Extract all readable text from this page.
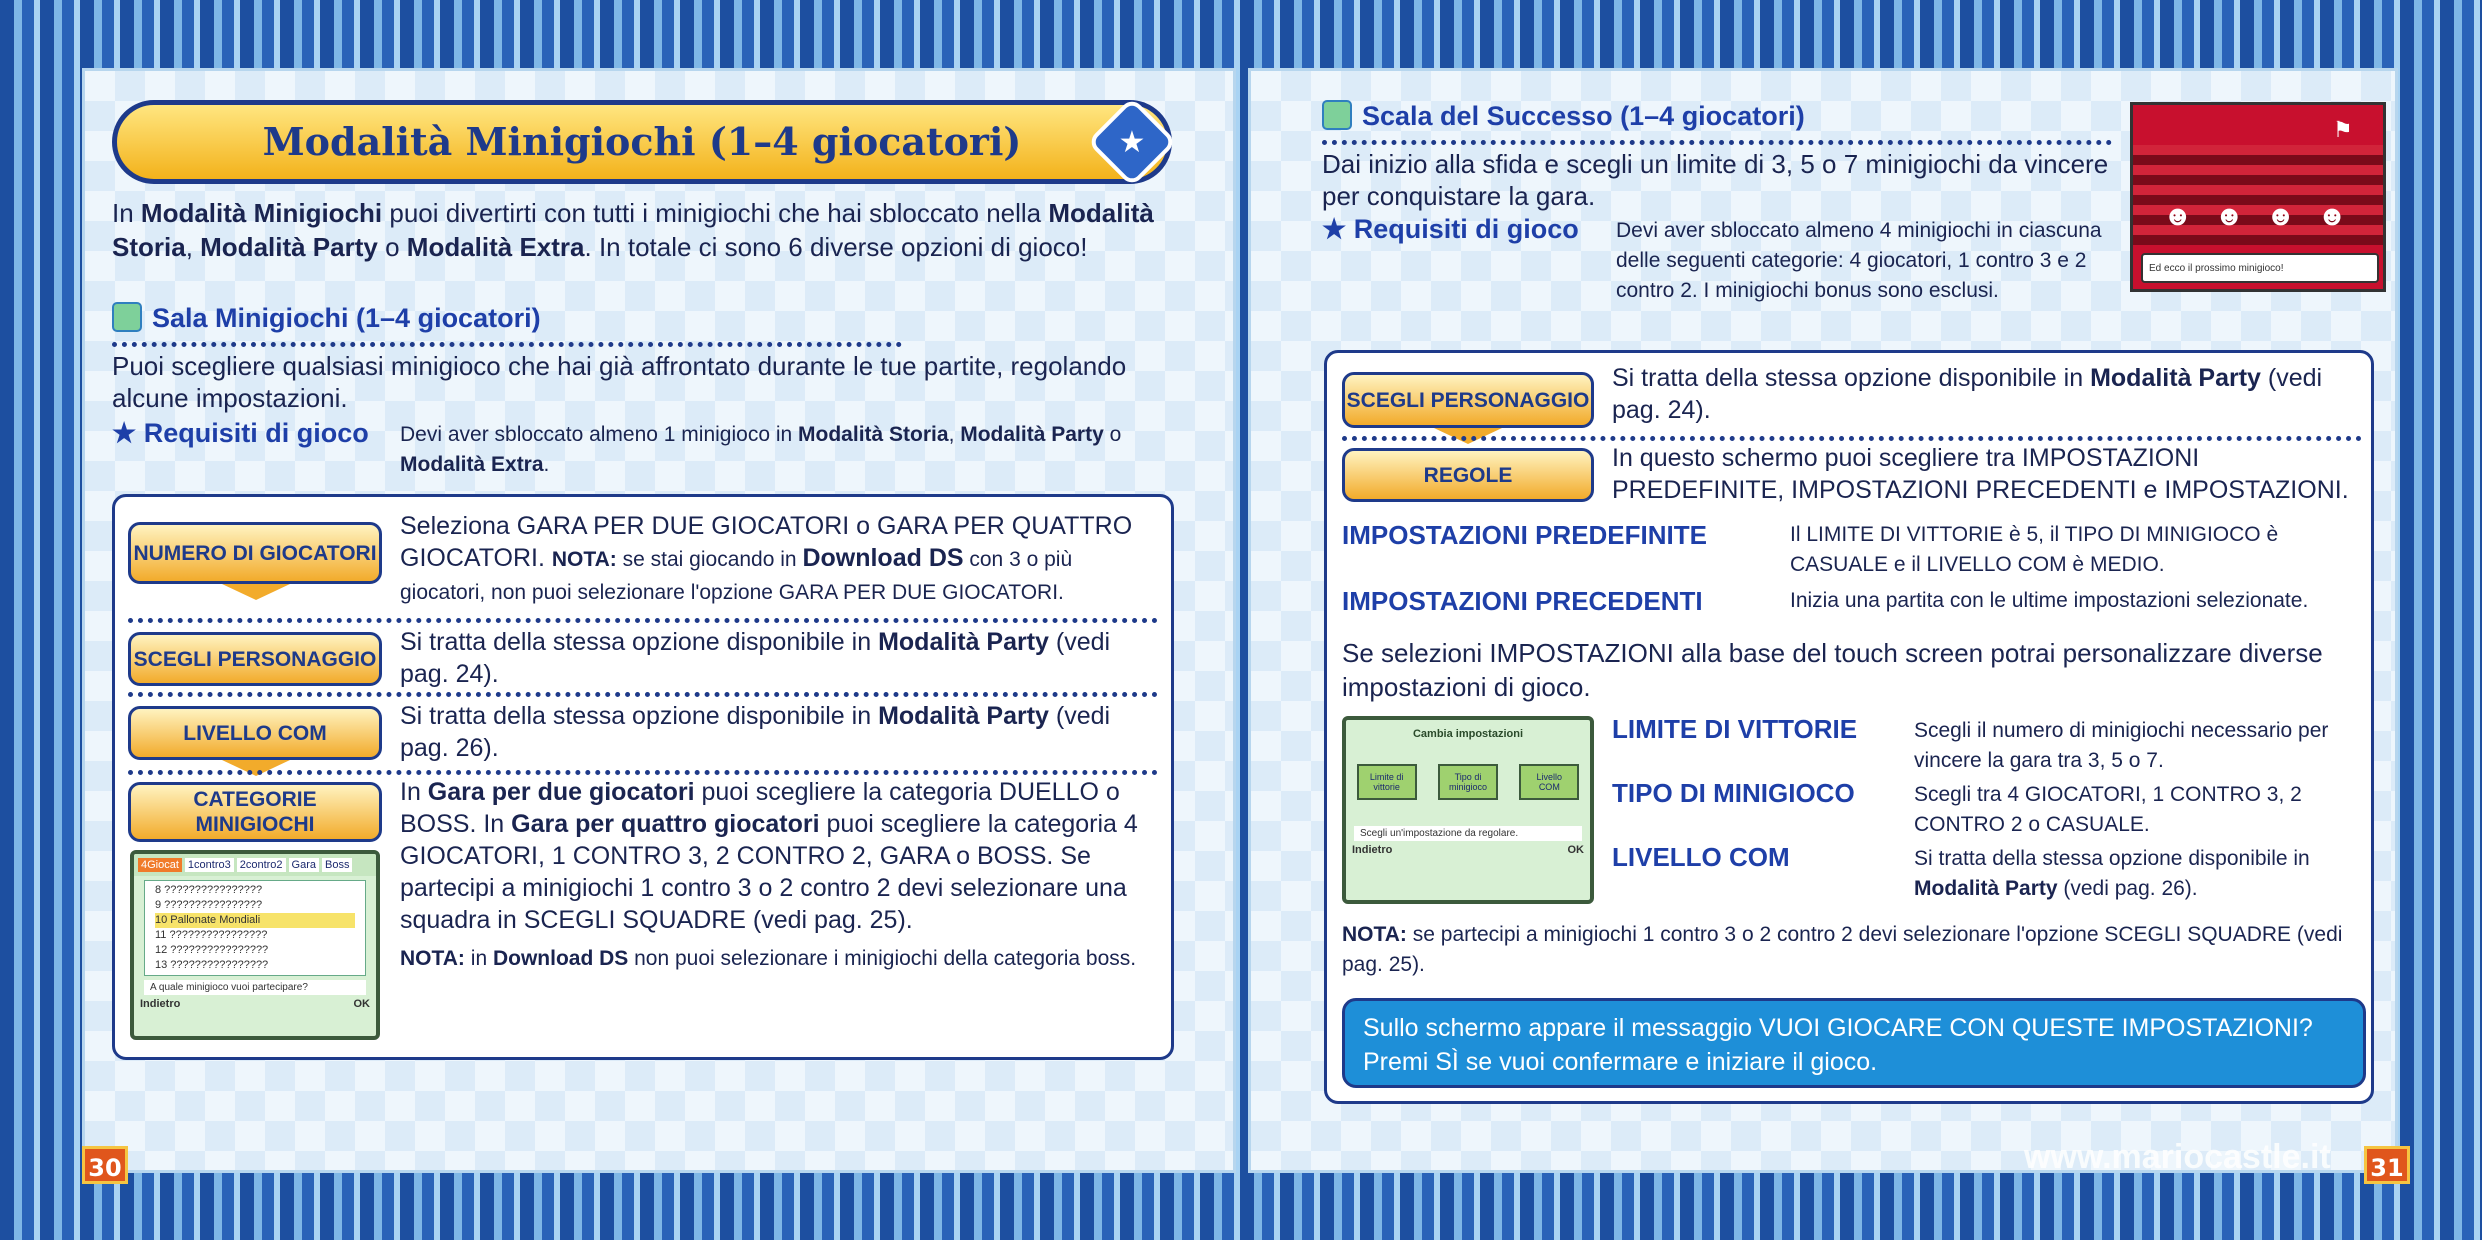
30
Modalità Minigiochi (1–4 giocatori)	★
In Modalità Minigiochi puoi divertirti con tutti i minigiochi che hai sbloccato nella Modalità Storia, Modalità Party o Modalità Extra. In totale ci sono 6 diverse opzioni di gioco!
Sala Minigiochi (1–4 giocatori)
Puoi scegliere qualsiasi minigioco che hai già affrontato durante le tue partite, regolando alcune impostazioni.
★ Requisiti di gioco Devi aver sbloccato almeno 1 minigioco in Modalità Storia, Modalità Party o Modalità Extra.
NUMERO DI GIOCATORI
Seleziona GARA PER DUE GIOCATORI o GARA PER QUATTRO GIOCATORI. NOTA: se stai giocando in Download DS con 3 o più giocatori, non puoi selezionare l'opzione GARA PER DUE GIOCATORI.
SCEGLI PERSONAGGIO
Si tratta della stessa opzione disponibile in Modalità Party (vedi pag. 24).
LIVELLO COM
Si tratta della stessa opzione disponibile in Modalità Party (vedi pag. 26).
CATEGORIE MINIGIOCHI
In Gara per due giocatori puoi scegliere la categoria DUELLO o BOSS. In Gara per quattro giocatori puoi scegliere la categoria 4 GIOCATORI, 1 CONTRO 3, 2 CONTRO 2, GARA o BOSS. Se partecipi a minigiochi 1 contro 3 o 2 contro 2 devi selezionare una squadra in SCEGLI SQUADRE (vedi pag. 25).
NOTA: in Download DS non puoi selezionare i minigiochi della categoria boss.
4Giocat 1contro3 2contro2 Gara Boss
8 ????????????????
9 ????????????????
10 Pallonate Mondiali
11 ????????????????
12 ????????????????
13 ????????????????
A quale minigioco vuoi partecipare?
Indietro	OK
31
Scala del Successo (1–4 giocatori)
Dai inizio alla sfida e scegli un limite di 3, 5 o 7 minigiochi da vincere per conquistare la gara.
★ Requisiti di gioco Devi aver sbloccato almeno 4 minigiochi in ciascuna delle seguenti categorie: 4 giocatori, 1 contro 3 e 2 contro 2. I minigiochi bonus sono esclusi.
⚑
☻☻☻☻
Ed ecco il prossimo minigioco!
SCEGLI PERSONAGGIO
Si tratta della stessa opzione disponibile in Modalità Party (vedi pag. 24).
REGOLE
In questo schermo puoi scegliere tra IMPOSTAZIONI PREDEFINITE, IMPOSTAZIONI PRECEDENTI e IMPOSTAZIONI.
IMPOSTAZIONI PREDEFINITE	Il LIMITE DI VITTORIE è 5, il TIPO DI MINIGIOCO è CASUALE e il LIVELLO COM è MEDIO.
IMPOSTAZIONI PRECEDENTI	Inizia una partita con le ultime impostazioni selezionate.
Se selezioni IMPOSTAZIONI alla base del touch screen potrai personalizzare diverse impostazioni di gioco.
Cambia impostazioni
Limite di vittorie
Tipo di minigioco
Livello COM
Scegli un'impostazione da regolare.
Indietro	OK
LIMITE DI VITTORIE	Scegli il numero di minigiochi necessario per vincere la gara tra 3, 5 o 7.
TIPO DI MINIGIOCO	Scegli tra 4 GIOCATORI, 1 CONTRO 3, 2 CONTRO 2 o CASUALE.
LIVELLO COM	Si tratta della stessa opzione disponibile in Modalità Party (vedi pag. 26).
NOTA: se partecipi a minigiochi 1 contro 3 o 2 contro 2 devi selezionare l'opzione SCEGLI SQUADRE (vedi pag. 25).
Sullo schermo appare il messaggio VUOI GIOCARE CON QUESTE IMPOSTAZIONI? Premi SÌ se vuoi confermare e iniziare il gioco.
www.mariocastle.it
